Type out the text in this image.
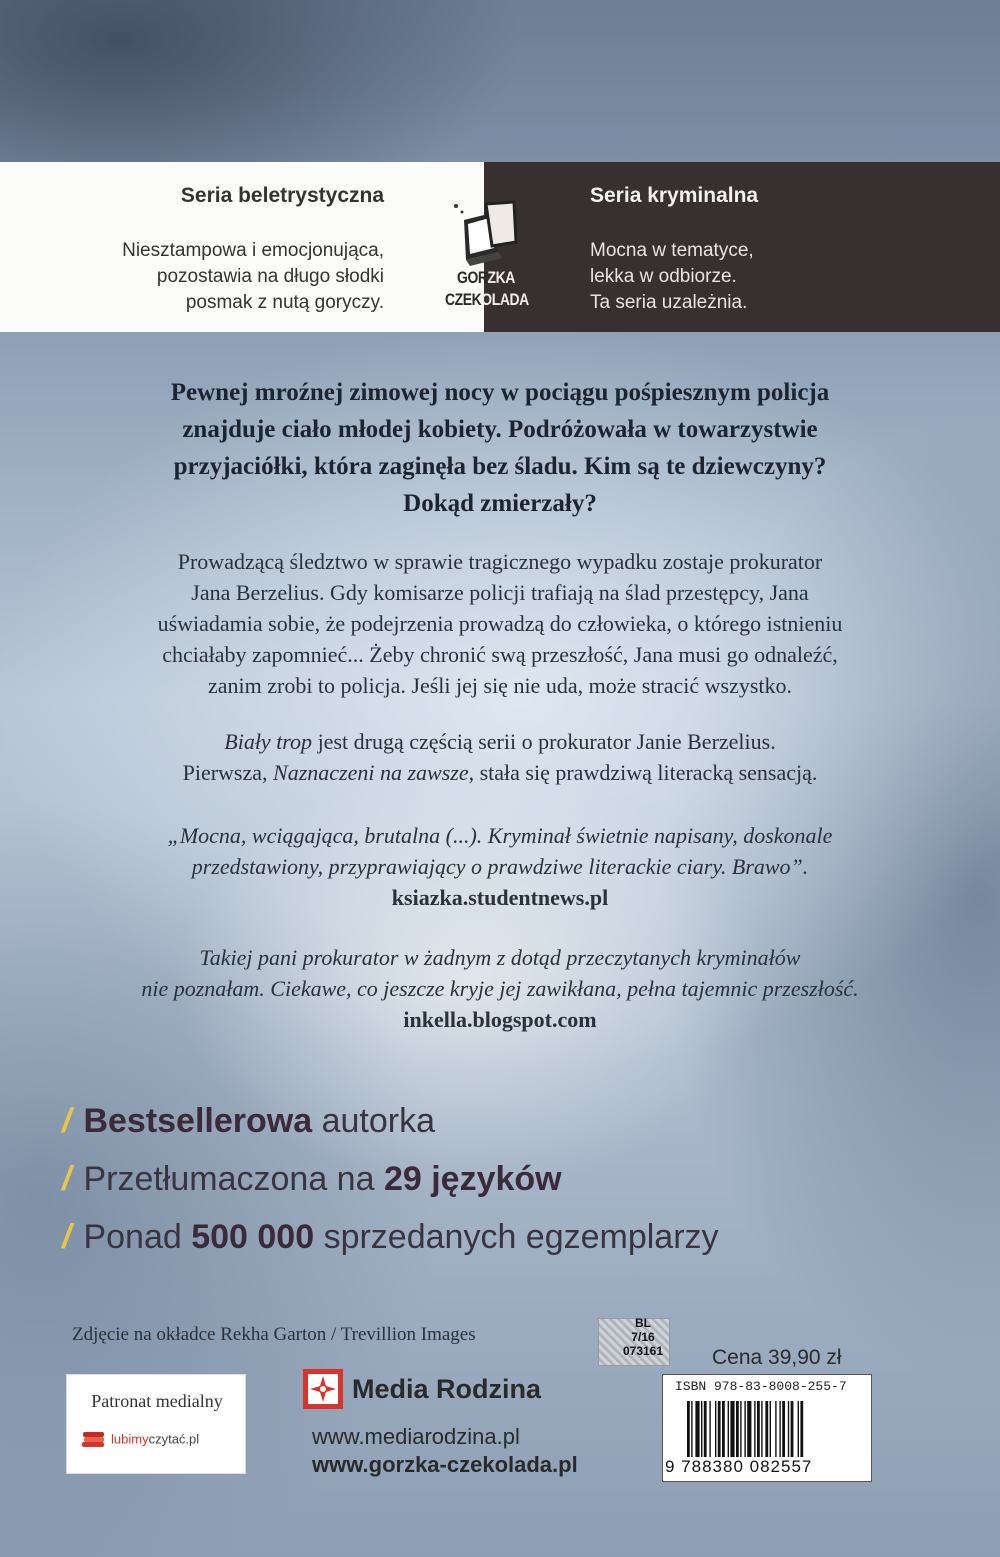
Seria beletrystyczna
Niesztampowa i emocjonująca,
pozostawia na długo słodki
posmak z nutą goryczy.
Seria kryminalna
Mocna w tematyce,
lekka w odbiorze.
Ta seria uzależnia.
GORZKA
CZEKOLADA
Pewnej mroźnej zimowej nocy w pociągu pośpiesznym policja
znajduje ciało młodej kobiety. Podróżowała w towarzystwie
przyjaciółki, która zaginęła bez śladu. Kim są te dziewczyny?
Dokąd zmierzały?
Prowadzącą śledztwo w sprawie tragicznego wypadku zostaje prokurator
Jana Berzelius. Gdy komisarze policji trafiają na ślad przestępcy, Jana
uświadamia sobie, że podejrzenia prowadzą do człowieka, o którego istnieniu
chciałaby zapomnieć... Żeby chronić swą przeszłość, Jana musi go odnaleźć,
zanim zrobi to policja. Jeśli jej się nie uda, może stracić wszystko.
Biały trop jest drugą częścią serii o prokurator Janie Berzelius.
Pierwsza, Naznaczeni na zawsze, stała się prawdziwą literacką sensacją.
„Mocna, wciągająca, brutalna (...). Kryminał świetnie napisany, doskonale
przedstawiony, przyprawiający o prawdziwe literackie ciary. Brawo”.
ksiazka.studentnews.pl
Takiej pani prokurator w żadnym z dotąd przeczytanych kryminałów
nie poznałam. Ciekawe, co jeszcze kryje jej zawikłana, pełna tajemnic przeszłość.
inkella.blogspot.com
/ Bestsellerowa autorka
/ Przetłumaczona na 29 języków
/ Ponad 500 000 sprzedanych egzemplarzy
Zdjęcie na okładce Rekha Garton / Trevillion Images
Patronat medialny
lubimyczytać.pl
Media Rodzina
www.mediarodzina.pl
www.gorzka-czekolada.pl
BL
7/16
073161 Cena 39,90 zł
ISBN 978-83-8008-255-7
9 788380 082557
